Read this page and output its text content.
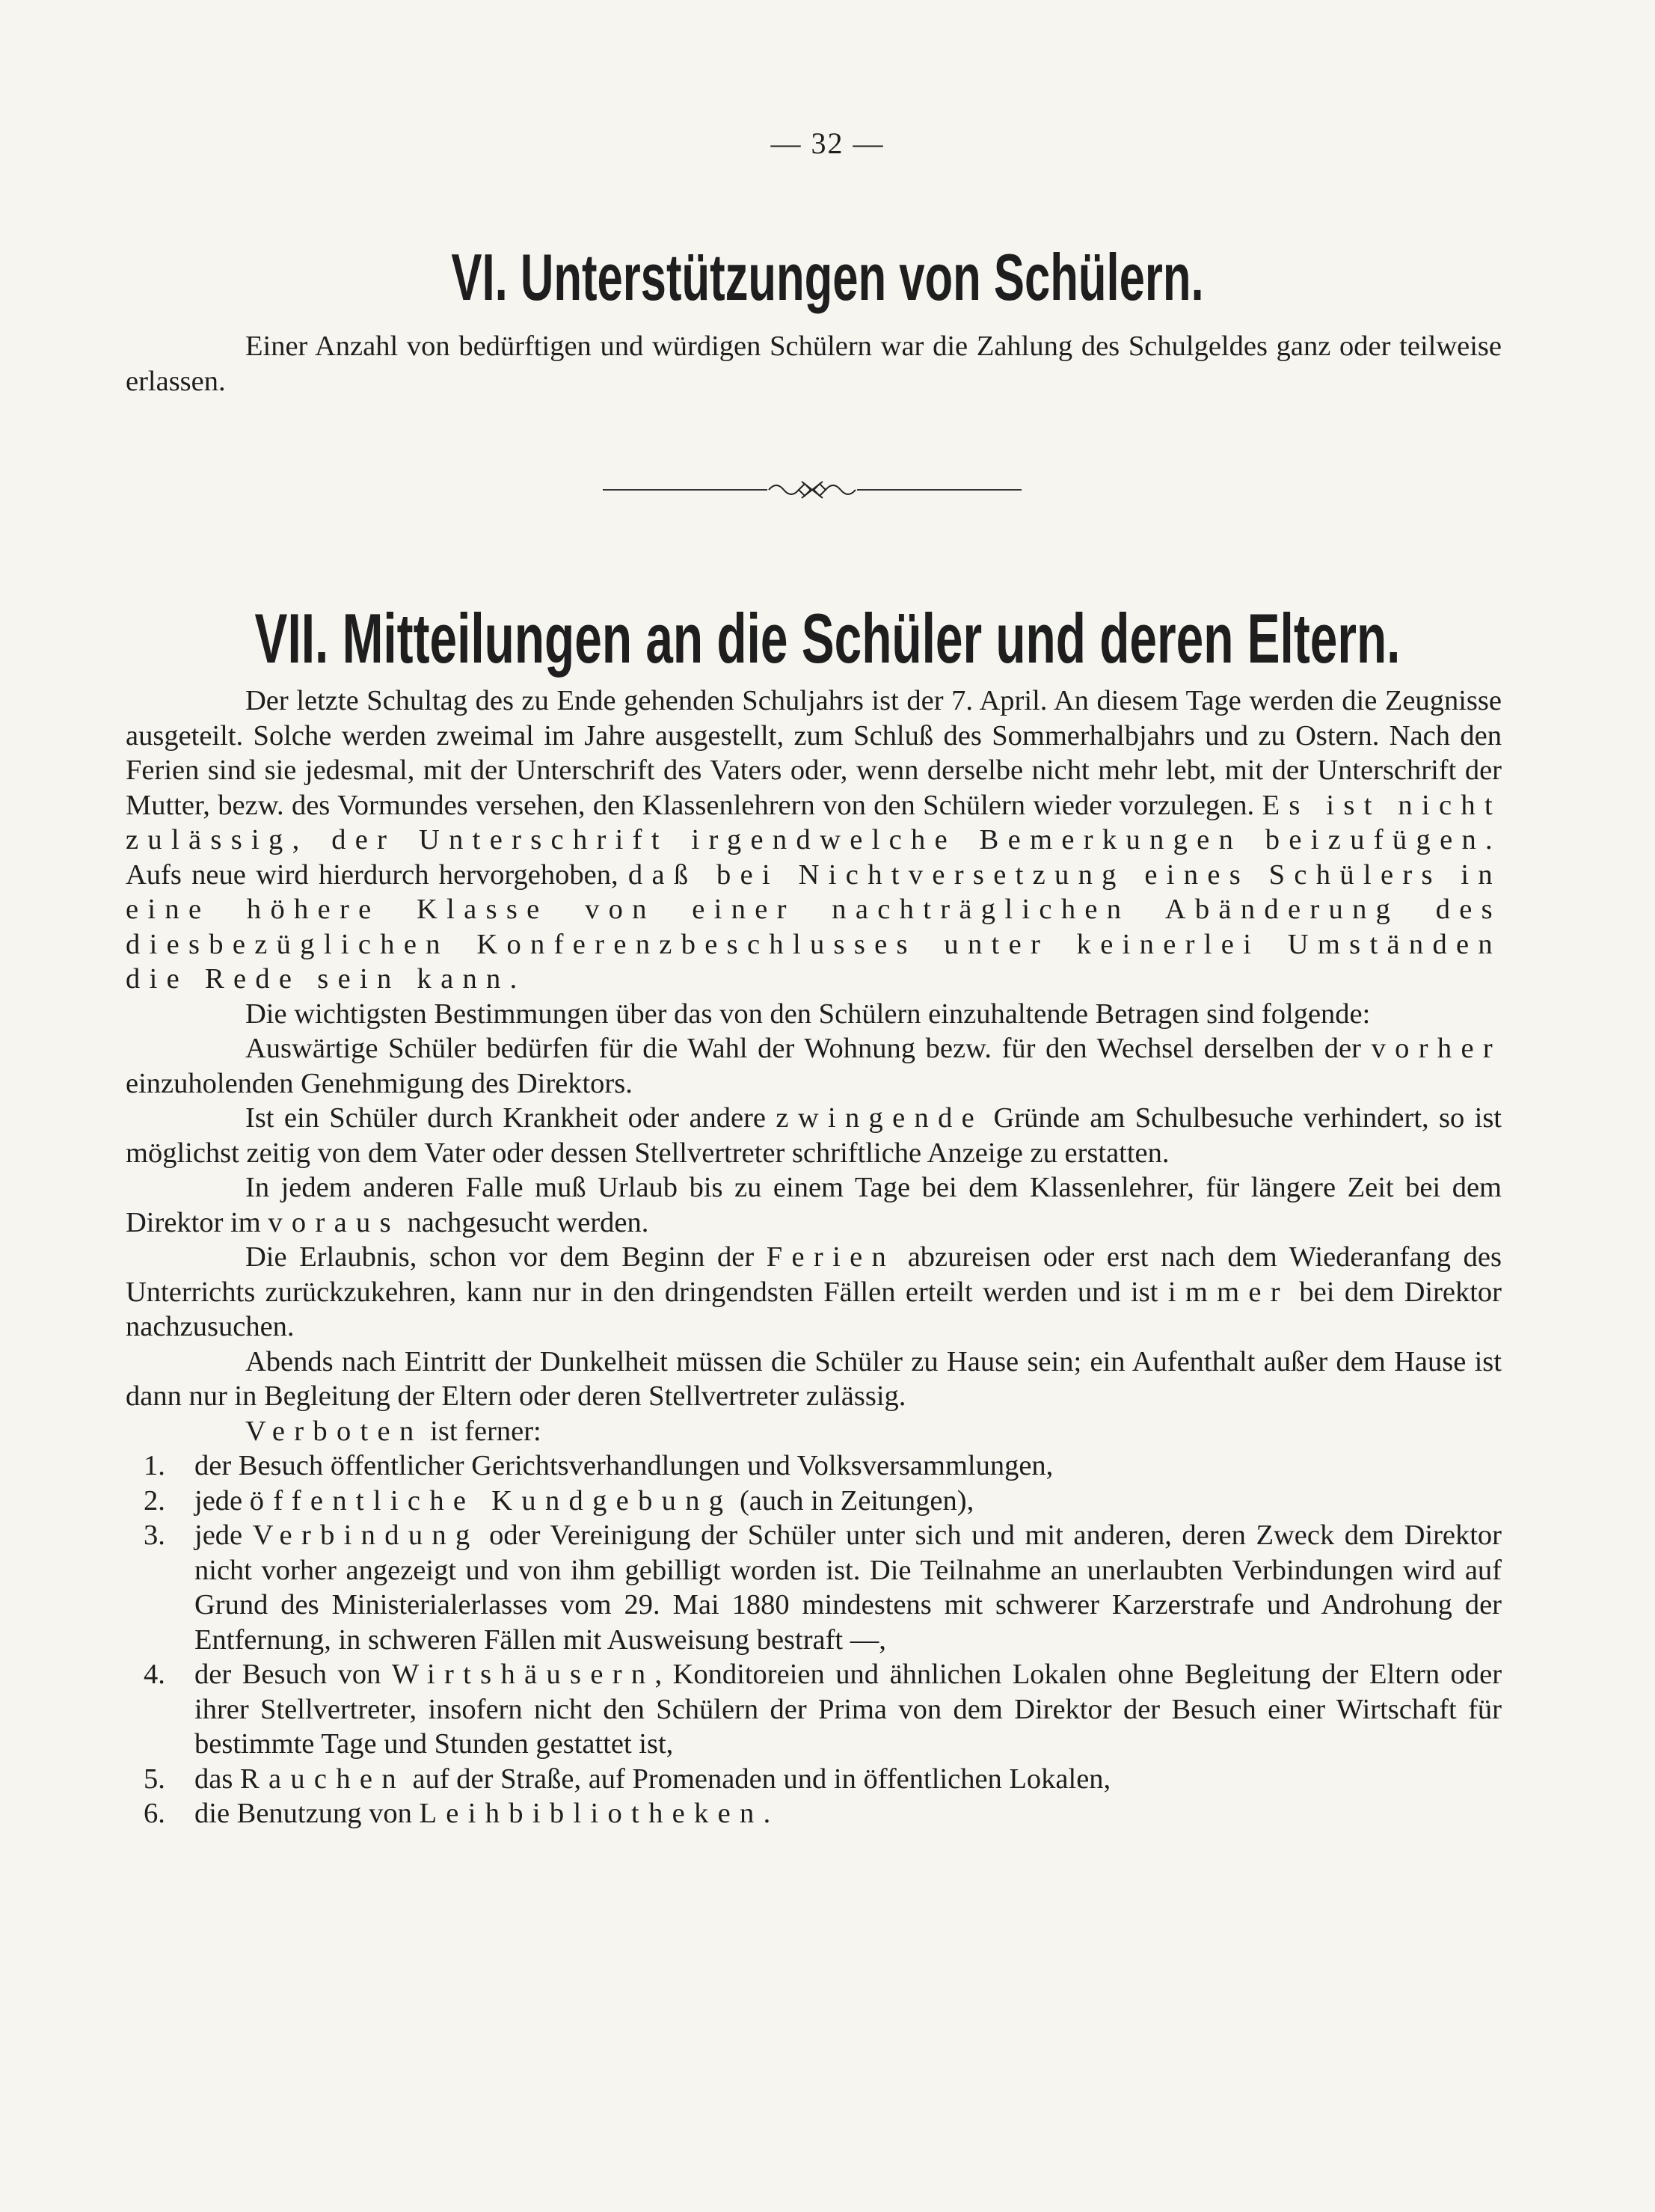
— 32 —
VI. Unterstützungen von Schülern.

Einer Anzahl von bedürftigen und würdigen Schülern war die Zahlung des Schulgeldes ganz oder teilweise erlassen.

VII. Mitteilungen an die Schüler und deren Eltern.

Der letzte Schultag des zu Ende gehenden Schuljahrs ist der 7. April. An diesem Tage werden die Zeugnisse ausgeteilt. Solche werden zweimal im Jahre ausgestellt, zum Schluß des Sommerhalbjahrs und zu Ostern. Nach den Ferien sind sie jedesmal, mit der Unterschrift des Vaters oder, wenn derselbe nicht mehr lebt, mit der Unterschrift der Mutter, bezw. des Vormundes versehen, den Klassenlehrern von den Schülern wieder vorzulegen. Es ist nicht zulässig, der Unterschrift irgendwelche Bemerkungen beizufügen. Aufs neue wird hierdurch hervorgehoben, daß bei Nichtversetzung eines Schülers in eine höhere Klasse von einer nachträglichen Abänderung des diesbezüglichen Konferenzbeschlusses unter keinerlei Umständen die Rede sein kann.

Die wichtigsten Bestimmungen über das von den Schülern einzuhaltende Betragen sind folgende:

Auswärtige Schüler bedürfen für die Wahl der Wohnung bezw. für den Wechsel derselben der vorher einzuholenden Genehmigung des Direktors.

Ist ein Schüler durch Krankheit oder andere zwingende Gründe am Schulbesuche verhindert, so ist möglichst zeitig von dem Vater oder dessen Stellvertreter schriftliche Anzeige zu erstatten.

In jedem anderen Falle muß Urlaub bis zu einem Tage bei dem Klassenlehrer, für längere Zeit bei dem Direktor im voraus nachgesucht werden.

Die Erlaubnis, schon vor dem Beginn der Ferien abzureisen oder erst nach dem Wiederanfang des Unterrichts zurückzukehren, kann nur in den dringendsten Fällen erteilt werden und ist immer bei dem Direktor nachzusuchen.

Abends nach Eintritt der Dunkelheit müssen die Schüler zu Hause sein; ein Aufenthalt außer dem Hause ist dann nur in Begleitung der Eltern oder deren Stellvertreter zulässig.

Verboten ist ferner:

1. der Besuch öffentlicher Gerichtsverhandlungen und Volksversammlungen,
2. jede öffentliche Kundgebung (auch in Zeitungen),
3. jede Verbindung oder Vereinigung der Schüler unter sich und mit anderen, deren Zweck dem Direktor nicht vorher angezeigt und von ihm gebilligt worden ist. Die Teilnahme an unerlaubten Verbindungen wird auf Grund des Ministerialerlasses vom 29. Mai 1880 mindestens mit schwerer Karzerstrafe und Androhung der Entfernung, in schweren Fällen mit Ausweisung bestraft —,
4. der Besuch von Wirtshäusern, Konditoreien und ähnlichen Lokalen ohne Begleitung der Eltern oder ihrer Stellvertreter, insofern nicht den Schülern der Prima von dem Direktor der Besuch einer Wirtschaft für bestimmte Tage und Stunden gestattet ist,
5. das Rauchen auf der Straße, auf Promenaden und in öffentlichen Lokalen,
6. die Benutzung von Leihbibliotheken.
